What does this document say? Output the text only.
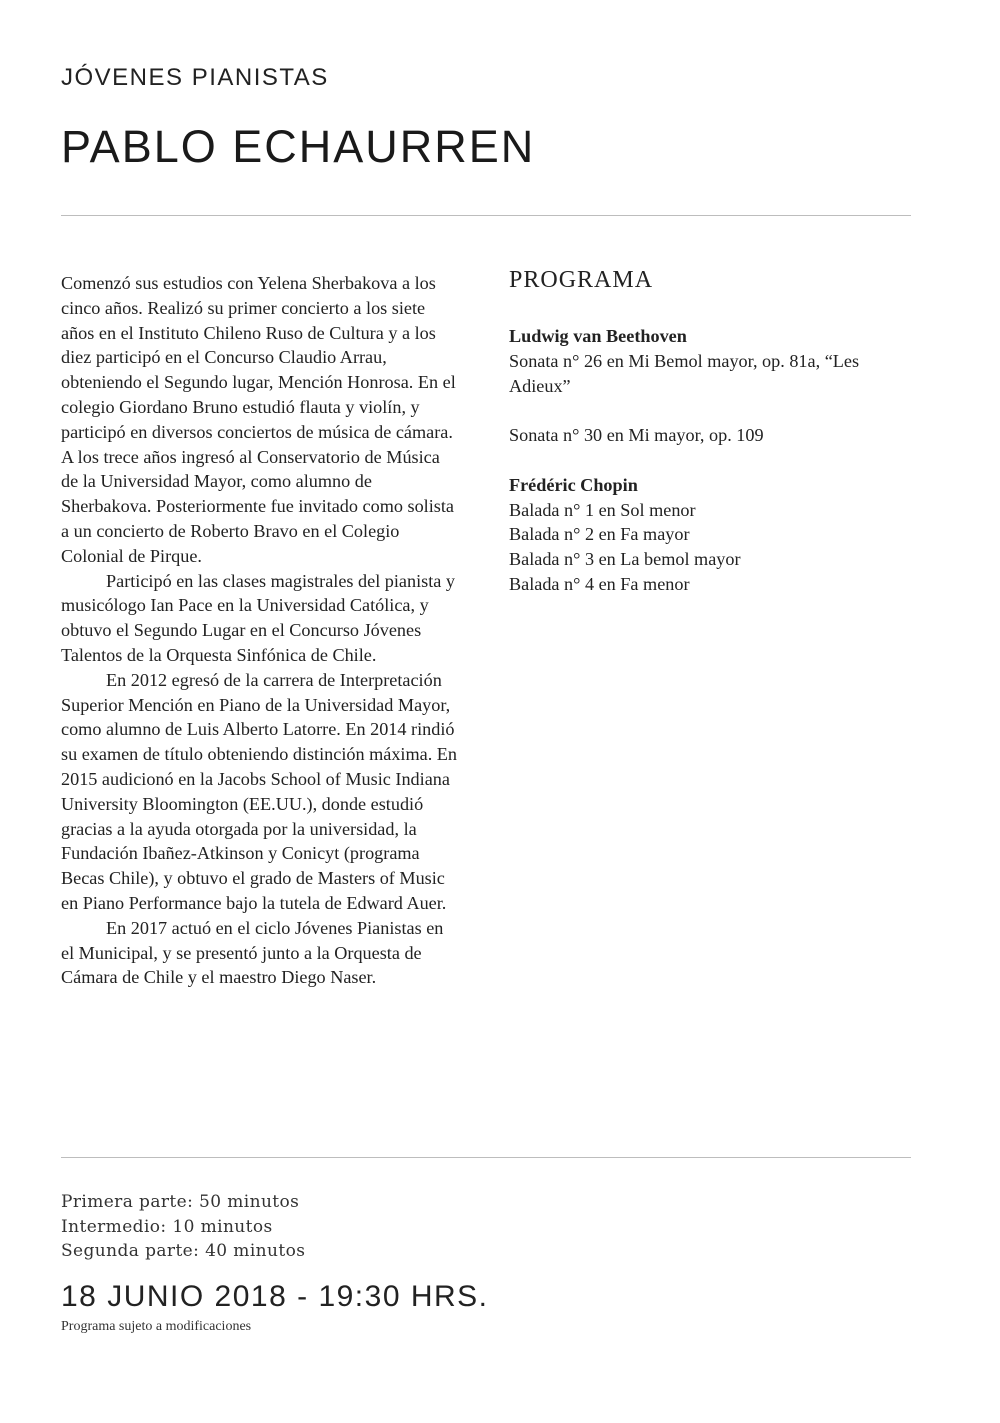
JÓVENES PIANISTAS
PABLO ECHAURREN

Comenzó sus estudios con Yelena Sherbakova a los cinco años. Realizó su primer concierto a los siete años en el Instituto Chileno Ruso de Cultura y a los diez participó en el Concurso Claudio Arrau, obteniendo el Segundo lugar, Mención Honrosa. En el colegio Giordano Bruno estudió flauta y violín, y participó en diversos conciertos de música de cámara. A los trece años ingresó al Conservatorio de Música de la Universidad Mayor, como alumno de Sherbakova. Posteriormente fue invitado como solista a un concierto de Roberto Bravo en el Colegio Colonial de Pirque.

Participó en las clases magistrales del pianista y musicólogo Ian Pace en la Universidad Católica, y obtuvo el Segundo Lugar en el Concurso Jóvenes Talentos de la Orquesta Sinfónica de Chile.

En 2012 egresó de la carrera de Interpretación Superior Mención en Piano de la Universidad Mayor, como alumno de Luis Alberto Latorre. En 2014 rindió su examen de título obteniendo distinción máxima. En 2015 audicionó en la Jacobs School of Music Indiana University Bloomington (EE.UU.), donde estudió gracias a la ayuda otorgada por la universidad, la Fundación Ibañez-Atkinson y Conicyt (programa Becas Chile), y obtuvo el grado de Masters of Music en Piano Performance bajo la tutela de Edward Auer.

En 2017 actuó en el ciclo Jóvenes Pianistas en el Municipal, y se presentó junto a la Orquesta de Cámara de Chile y el maestro Diego Naser.

PROGRAMA
Ludwig van Beethoven
Sonata n° 26 en Mi Bemol mayor, op. 81a, “Les Adieux”
Sonata n° 30 en Mi mayor, op. 109
Frédéric Chopin
Balada n° 1 en Sol menor
Balada n° 2 en Fa mayor
Balada n° 3 en La bemol mayor
Balada n° 4 en Fa menor
Primera parte: 50 minutos
Intermedio: 10 minutos
Segunda parte: 40 minutos
18 JUNIO 2018 - 19:30 HRS.
Programa sujeto a modificaciones
